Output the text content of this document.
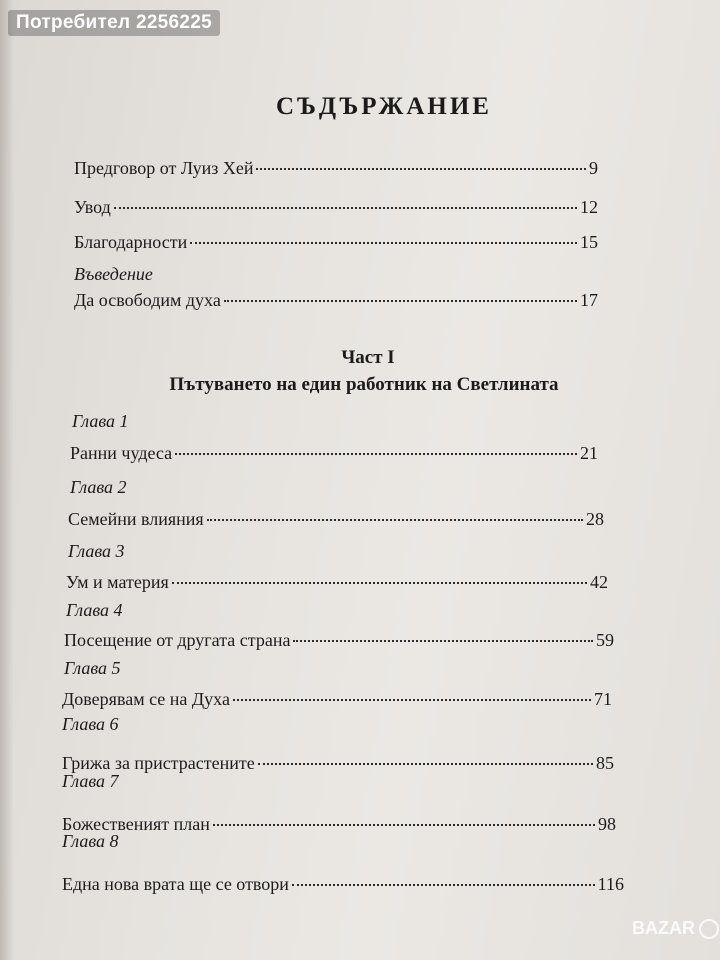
Потребител 2256225
СЪДЪРЖАНИЕ
Предговор от Луиз Хей	9
Увод	12
Благодарности	15
Въведение
Да освободим духа	17
Част I
Пътуването на един работник на Светлината
Глава 1
Ранни чудеса	21
Глава 2
Семейни влияния	28
Глава 3
Ум и материя	42
Глава 4
Посещение от другата страна	59
Глава 5
Доверявам се на Духа	71
Глава 6
Грижа за пристрастените	85
Глава 7
Божественият план	98
Глава 8
Една нова врата ще се отвори	116
BAZAR
